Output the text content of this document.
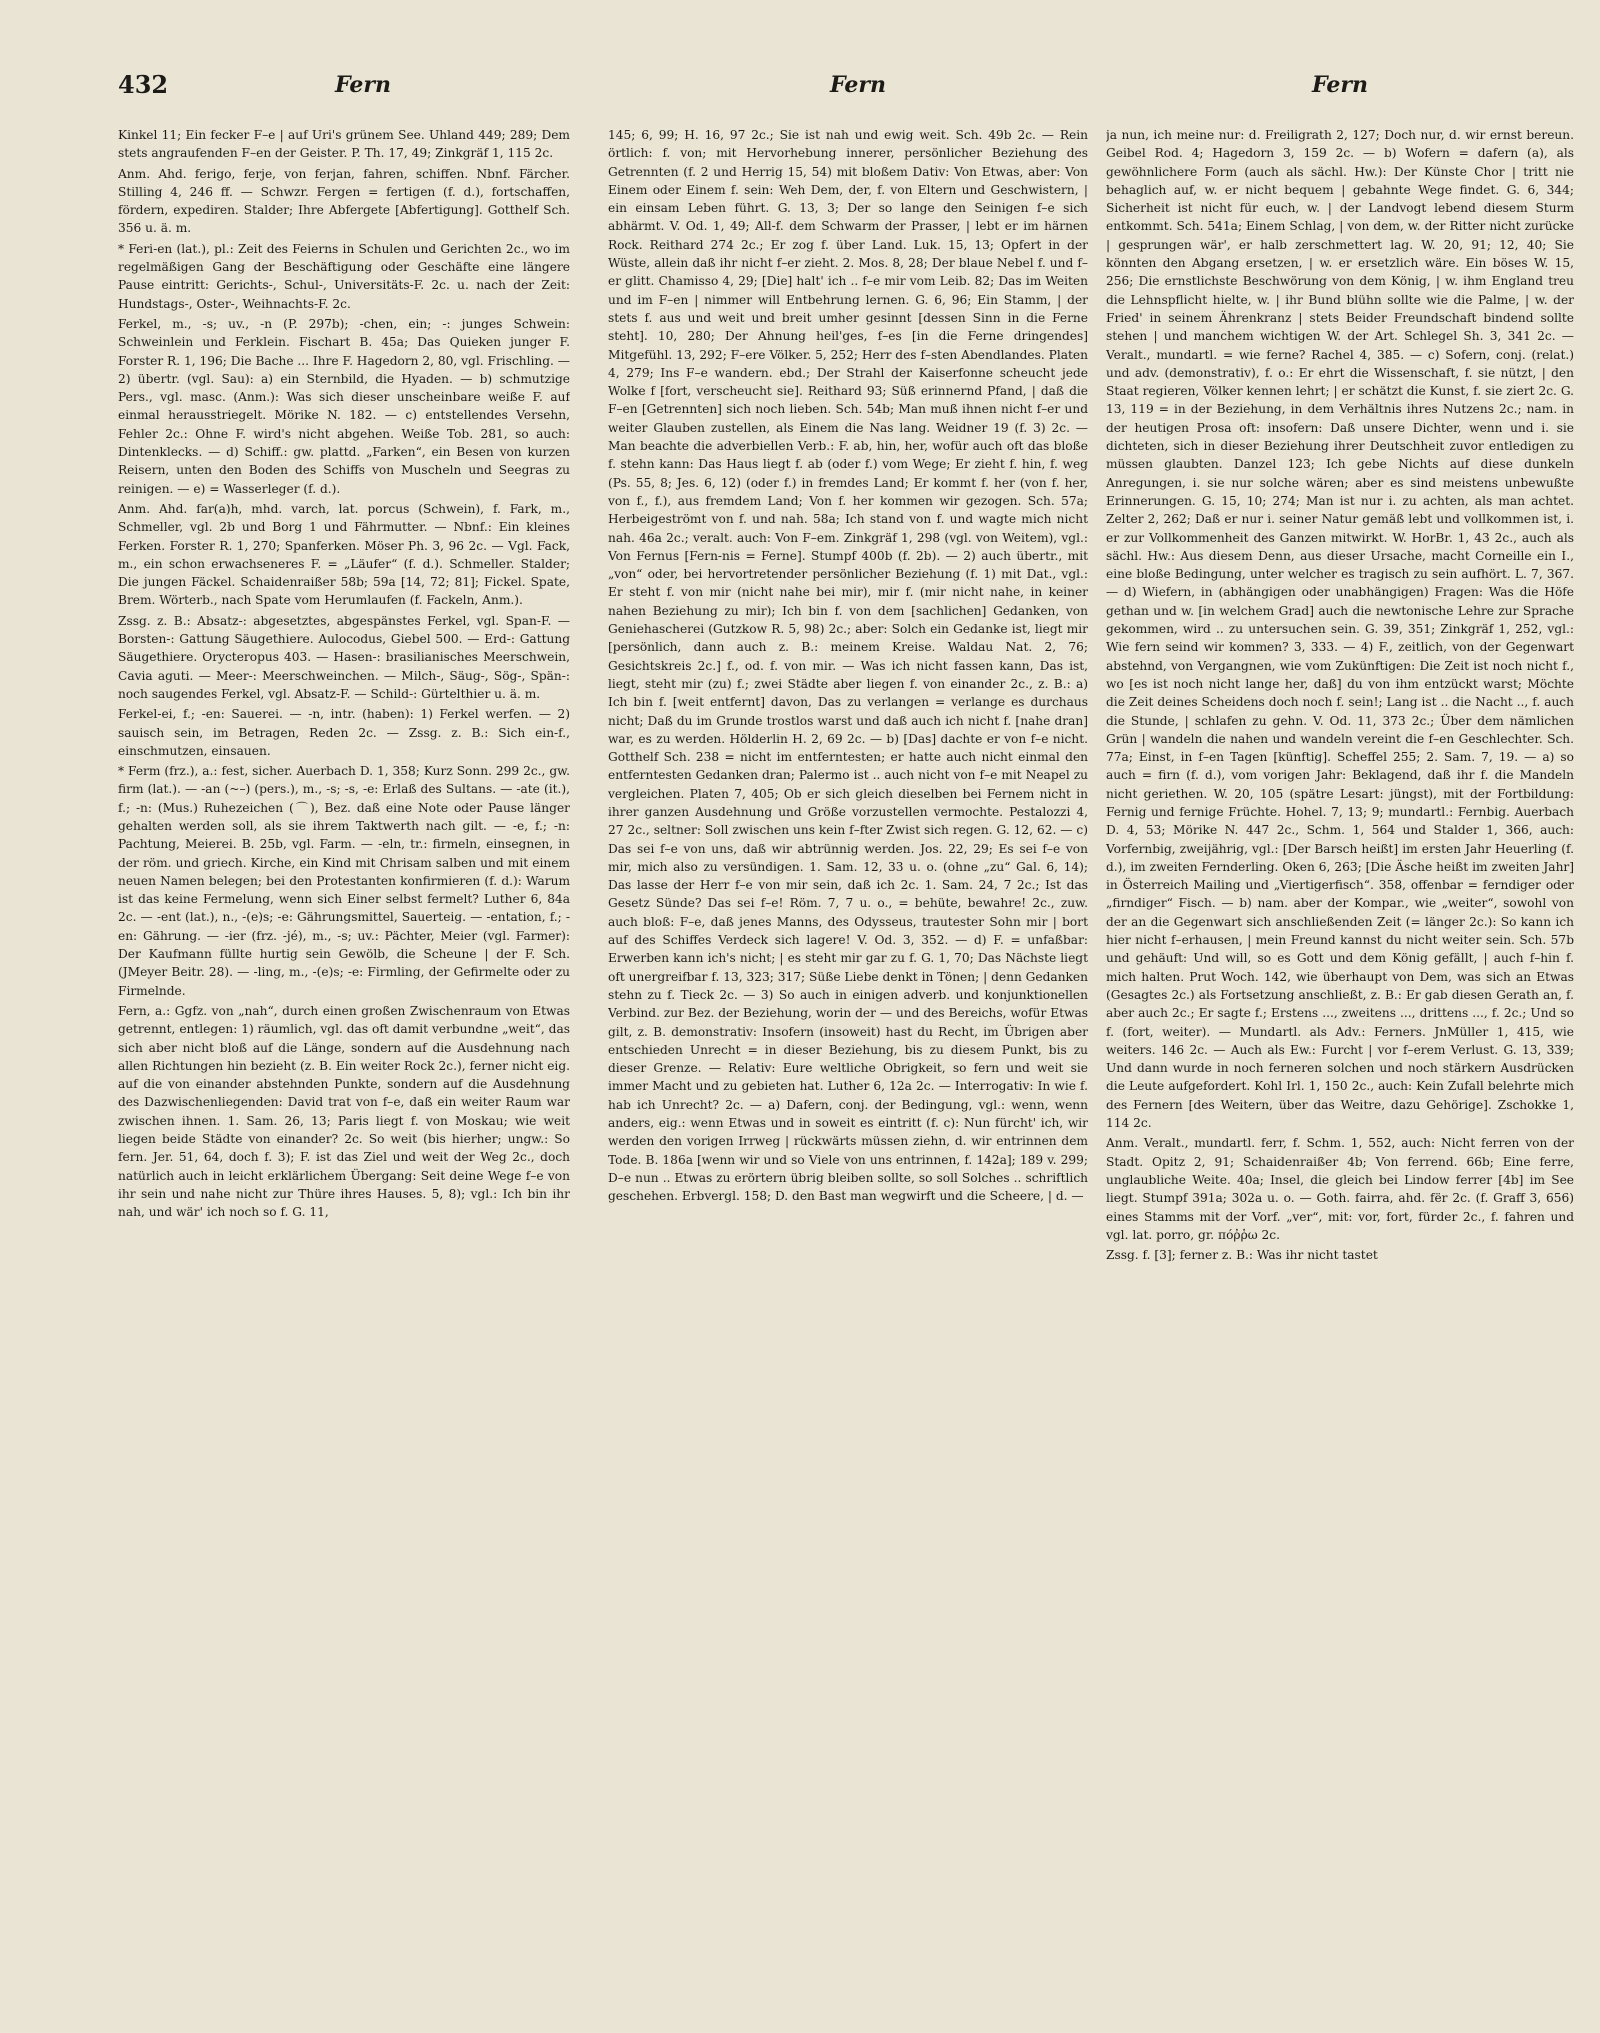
432	Fern	Fern	Fern

Kinkel 11; Ein fecker F–e | auf Uri's grünem See. Uhland 449; 289; Dem stets angraufenden F–en der Geister. P. Th. 17, 49; Zinkgräf 1, 115 2c.

Anm. Ahd. ferigo, ferje, von ferjan, fahren, schiffen. Nbnf. Färcher. Stilling 4, 246 ff. — Schwzr. Fergen = fertigen (f. d.), fortschaffen, fördern, expediren. Stalder; Ihre Abfergete [Abfertigung]. Gotthelf Sch. 356 u. ä. m.

* Feri-en (lat.), pl.: Zeit des Feierns in Schulen und Gerichten 2c., wo im regelmäßigen Gang der Beschäftigung oder Geschäfte eine längere Pause eintritt: Gerichts-, Schul-, Universitäts-F. 2c. u. nach der Zeit: Hundstags-, Oster-, Weihnachts-F. 2c.

Ferkel, m., -s; uv., -n (P. 297b); -chen, ein; -: junges Schwein: Schweinlein und Ferklein. Fischart B. 45a; Das Quieken junger F. Forster R. 1, 196; Die Bache ... Ihre F. Hagedorn 2, 80, vgl. Frischling. — 2) übertr. (vgl. Sau): a) ein Sternbild, die Hyaden. — b) schmutzige Pers., vgl. masc. (Anm.): Was sich dieser unscheinbare weiße F. auf einmal herausstriegelt. Mörike N. 182. — c) entstellendes Versehn, Fehler 2c.: Ohne F. wird's nicht abgehen. Weiße Tob. 281, so auch: Dintenklecks. — d) Schiff.: gw. plattd. „Farken“, ein Besen von kurzen Reisern, unten den Boden des Schiffs von Muscheln und Seegras zu reinigen. — e) = Wasserleger (f. d.).

Anm. Ahd. far(a)h, mhd. varch, lat. porcus (Schwein), f. Fark, m., Schmeller, vgl. 2b und Borg 1 und Fährmutter. — Nbnf.: Ein kleines Ferken. Forster R. 1, 270; Spanferken. Möser Ph. 3, 96 2c. — Vgl. Fack, m., ein schon erwachseneres F. = „Läufer“ (f. d.). Schmeller. Stalder; Die jungen Fäckel. Schaidenraißer 58b; 59a [14, 72; 81]; Fickel. Spate, Brem. Wörterb., nach Spate vom Herumlaufen (f. Fackeln, Anm.).

Zssg. z. B.: Absatz-: abgesetztes, abgespänstes Ferkel, vgl. Span-F. — Borsten-: Gattung Säugethiere. Aulocodus, Giebel 500. — Erd-: Gattung Säugethiere. Orycteropus 403. — Hasen-: brasilianisches Meerschwein, Cavia aguti. — Meer-: Meerschweinchen. — Milch-, Säug-, Sög-, Spän-: noch saugendes Ferkel, vgl. Absatz-F. — Schild-: Gürtelthier u. ä. m.

Ferkel-ei, f.; -en: Sauerei. — -n, intr. (haben): 1) Ferkel werfen. — 2) sauisch sein, im Betragen, Reden 2c. — Zssg. z. B.: Sich ein-f., einschmutzen, einsauen.

* Ferm (frz.), a.: fest, sicher. Auerbach D. 1, 358; Kurz Sonn. 299 2c., gw. firm (lat.). — -an (~–) (pers.), m., -s; -s, -e: Erlaß des Sultans. — -ate (it.), f.; -n: (Mus.) Ruhezeichen (⌒), Bez. daß eine Note oder Pause länger gehalten werden soll, als sie ihrem Taktwerth nach gilt. — -e, f.; -n: Pachtung, Meierei. B. 25b, vgl. Farm. — -eln, tr.: firmeln, einsegnen, in der röm. und griech. Kirche, ein Kind mit Chrisam salben und mit einem neuen Namen belegen; bei den Protestanten konfirmieren (f. d.): Warum ist das keine Fermelung, wenn sich Einer selbst fermelt? Luther 6, 84a 2c. — -ent (lat.), n., -(e)s; -e: Gährungsmittel, Sauerteig. — -entation, f.; -en: Gährung. — -ier (frz. -jé), m., -s; uv.: Pächter, Meier (vgl. Farmer): Der Kaufmann füllte hurtig sein Gewölb, die Scheune | der F. Sch. (JMeyer Beitr. 28). — -ling, m., -(e)s; -e: Firmling, der Gefirmelte oder zu Firmelnde.

Fern, a.: Ggfz. von „nah“, durch einen großen Zwischenraum von Etwas getrennt, entlegen: 1) räumlich, vgl. das oft damit verbundne „weit“, das sich aber nicht bloß auf die Länge, sondern auf die Ausdehnung nach allen Richtungen hin bezieht (z. B. Ein weiter Rock 2c.), ferner nicht eig. auf die von einander abstehnden Punkte, sondern auf die Ausdehnung des Dazwischenliegenden: David trat von f–e, daß ein weiter Raum war zwischen ihnen. 1. Sam. 26, 13; Paris liegt f. von Moskau; wie weit liegen beide Städte von einander? 2c. So weit (bis hierher; ungw.: So fern. Jer. 51, 64, doch f. 3); F. ist das Ziel und weit der Weg 2c., doch natürlich auch in leicht erklärlichem Übergang: Seit deine Wege f–e von ihr sein und nahe nicht zur Thüre ihres Hauses. 5, 8); vgl.: Ich bin ihr nah, und wär' ich noch so f. G. 11,

145; 6, 99; H. 16, 97 2c.; Sie ist nah und ewig weit. Sch. 49b 2c. — Rein örtlich: f. von; mit Hervorhebung innerer, persönlicher Beziehung des Getrennten (f. 2 und Herrig 15, 54) mit bloßem Dativ: Von Etwas, aber: Von Einem oder Einem f. sein: Weh Dem, der, f. von Eltern und Geschwistern, | ein einsam Leben führt. G. 13, 3; Der so lange den Seinigen f–e sich abhärmt. V. Od. 1, 49; All-f. dem Schwarm der Prasser, | lebt er im härnen Rock. Reithard 274 2c.; Er zog f. über Land. Luk. 15, 13; Opfert in der Wüste, allein daß ihr nicht f–er zieht. 2. Mos. 8, 28; Der blaue Nebel f. und f–er glitt. Chamisso 4, 29; [Die] halt' ich .. f–e mir vom Leib. 82; Das im Weiten und im F–en | nimmer will Entbehrung lernen. G. 6, 96; Ein Stamm, | der stets f. aus und weit und breit umher gesinnt [dessen Sinn in die Ferne steht]. 10, 280; Der Ahnung heil'ges, f–es [in die Ferne dringendes] Mitgefühl. 13, 292; F–ere Völker. 5, 252; Herr des f–sten Abendlandes. Platen 4, 279; Ins F–e wandern. ebd.; Der Strahl der Kaiserfonne scheucht jede Wolke f [fort, verscheucht sie]. Reithard 93; Süß erinnernd Pfand, | daß die F–en [Getrennten] sich noch lieben. Sch. 54b; Man muß ihnen nicht f–er und weiter Glauben zustellen, als Einem die Nas lang. Weidner 19 (f. 3) 2c. — Man beachte die adverbiellen Verb.: F. ab, hin, her, wofür auch oft das bloße f. stehn kann: Das Haus liegt f. ab (oder f.) vom Wege; Er zieht f. hin, f. weg (Ps. 55, 8; Jes. 6, 12) (oder f.) in fremdes Land; Er kommt f. her (von f. her, von f., f.), aus fremdem Land; Von f. her kommen wir gezogen. Sch. 57a; Herbeigeströmt von f. und nah. 58a; Ich stand von f. und wagte mich nicht nah. 46a 2c.; veralt. auch: Von F–em. Zinkgräf 1, 298 (vgl. von Weitem), vgl.: Von Fernus [Fern-nis = Ferne]. Stumpf 400b (f. 2b). — 2) auch übertr., mit „von“ oder, bei hervortretender persönlicher Beziehung (f. 1) mit Dat., vgl.: Er steht f. von mir (nicht nahe bei mir), mir f. (mir nicht nahe, in keiner nahen Beziehung zu mir); Ich bin f. von dem [sachlichen] Gedanken, von Geniehascherei (Gutzkow R. 5, 98) 2c.; aber: Solch ein Gedanke ist, liegt mir [persönlich, dann auch z. B.: meinem Kreise. Waldau Nat. 2, 76; Gesichtskreis 2c.] f., od. f. von mir. — Was ich nicht fassen kann, Das ist, liegt, steht mir (zu) f.; zwei Städte aber liegen f. von einander 2c., z. B.: a) Ich bin f. [weit entfernt] davon, Das zu verlangen = verlange es durchaus nicht; Daß du im Grunde trostlos warst und daß auch ich nicht f. [nahe dran] war, es zu werden. Hölderlin H. 2, 69 2c. — b) [Das] dachte er von f–e nicht. Gotthelf Sch. 238 = nicht im entferntesten; er hatte auch nicht einmal den entferntesten Gedanken dran; Palermo ist .. auch nicht von f–e mit Neapel zu vergleichen. Platen 7, 405; Ob er sich gleich dieselben bei Fernem nicht in ihrer ganzen Ausdehnung und Größe vorzustellen vermochte. Pestalozzi 4, 27 2c., seltner: Soll zwischen uns kein f–fter Zwist sich regen. G. 12, 62. — c) Das sei f–e von uns, daß wir abtrünnig werden. Jos. 22, 29; Es sei f–e von mir, mich also zu versündigen. 1. Sam. 12, 33 u. o. (ohne „zu“ Gal. 6, 14); Das lasse der Herr f–e von mir sein, daß ich 2c. 1. Sam. 24, 7 2c.; Ist das Gesetz Sünde? Das sei f–e! Röm. 7, 7 u. o., = behüte, bewahre! 2c., zuw. auch bloß: F–e, daß jenes Manns, des Odysseus, trautester Sohn mir | bort auf des Schiffes Verdeck sich lagere! V. Od. 3, 352. — d) F. = unfaßbar: Erwerben kann ich's nicht; | es steht mir gar zu f. G. 1, 70; Das Nächste liegt oft unergreifbar f. 13, 323; 317; Süße Liebe denkt in Tönen; | denn Gedanken stehn zu f. Tieck 2c. — 3) So auch in einigen adverb. und konjunktionellen Verbind. zur Bez. der Beziehung, worin der — und des Bereichs, wofür Etwas gilt, z. B. demonstrativ: Insofern (insoweit) hast du Recht, im Übrigen aber entschieden Unrecht = in dieser Beziehung, bis zu diesem Punkt, bis zu dieser Grenze. — Relativ: Eure weltliche Obrigkeit, so fern und weit sie immer Macht und zu gebieten hat. Luther 6, 12a 2c. — Interrogativ: In wie f. hab ich Unrecht? 2c. — a) Dafern, conj. der Bedingung, vgl.: wenn, wenn anders, eig.: wenn Etwas und in soweit es eintritt (f. c): Nun fürcht' ich, wir werden den vorigen Irrweg | rückwärts müssen ziehn, d. wir entrinnen dem Tode. B. 186a [wenn wir und so Viele von uns entrinnen, f. 142a]; 189 v. 299; D–e nun .. Etwas zu erörtern übrig bleiben sollte, so soll Solches .. schriftlich geschehen. Erbvergl. 158; D. den Bast man wegwirft und die Scheere, | d. —

ja nun, ich meine nur: d. Freiligrath 2, 127; Doch nur, d. wir ernst bereun. Geibel Rod. 4; Hagedorn 3, 159 2c. — b) Wofern = dafern (a), als gewöhnlichere Form (auch als sächl. Hw.): Der Künste Chor | tritt nie behaglich auf, w. er nicht bequem | gebahnte Wege findet. G. 6, 344; Sicherheit ist nicht für euch, w. | der Landvogt lebend diesem Sturm entkommt. Sch. 541a; Einem Schlag, | von dem, w. der Ritter nicht zurücke | gesprungen wär', er halb zerschmettert lag. W. 20, 91; 12, 40; Sie könnten den Abgang ersetzen, | w. er ersetzlich wäre. Ein böses W. 15, 256; Die ernstlichste Beschwörung von dem König, | w. ihm England treu die Lehnspflicht hielte, w. | ihr Bund blühn sollte wie die Palme, | w. der Fried' in seinem Ährenkranz | stets Beider Freundschaft bindend sollte stehen | und manchem wichtigen W. der Art. Schlegel Sh. 3, 341 2c. — Veralt., mundartl. = wie ferne? Rachel 4, 385. — c) Sofern, conj. (relat.) und adv. (demonstrativ), f. o.: Er ehrt die Wissenschaft, f. sie nützt, | den Staat regieren, Völker kennen lehrt; | er schätzt die Kunst, f. sie ziert 2c. G. 13, 119 = in der Beziehung, in dem Verhältnis ihres Nutzens 2c.; nam. in der heutigen Prosa oft: insofern: Daß unsere Dichter, wenn und i. sie dichteten, sich in dieser Beziehung ihrer Deutschheit zuvor entledigen zu müssen glaubten. Danzel 123; Ich gebe Nichts auf diese dunkeln Anregungen, i. sie nur solche wären; aber es sind meistens unbewußte Erinnerungen. G. 15, 10; 274; Man ist nur i. zu achten, als man achtet. Zelter 2, 262; Daß er nur i. seiner Natur gemäß lebt und vollkommen ist, i. er zur Vollkommenheit des Ganzen mitwirkt. W. HorBr. 1, 43 2c., auch als sächl. Hw.: Aus diesem Denn, aus dieser Ursache, macht Corneille ein I., eine bloße Bedingung, unter welcher es tragisch zu sein aufhört. L. 7, 367. — d) Wiefern, in (abhängigen oder unabhängigen) Fragen: Was die Höfe gethan und w. [in welchem Grad] auch die newtonische Lehre zur Sprache gekommen, wird .. zu untersuchen sein. G. 39, 351; Zinkgräf 1, 252, vgl.: Wie fern seind wir kommen? 3, 333. — 4) F., zeitlich, von der Gegenwart abstehnd, von Vergangnen, wie vom Zukünftigen: Die Zeit ist noch nicht f., wo [es ist noch nicht lange her, daß] du von ihm entzückt warst; Möchte die Zeit deines Scheidens doch noch f. sein!; Lang ist .. die Nacht .., f. auch die Stunde, | schlafen zu gehn. V. Od. 11, 373 2c.; Über dem nämlichen Grün | wandeln die nahen und wandeln vereint die f–en Geschlechter. Sch. 77a; Einst, in f–en Tagen [künftig]. Scheffel 255; 2. Sam. 7, 19. — a) so auch = firn (f. d.), vom vorigen Jahr: Beklagend, daß ihr f. die Mandeln nicht geriethen. W. 20, 105 (spätre Lesart: jüngst), mit der Fortbildung: Fernig und fernige Früchte. Hohel. 7, 13; 9; mundartl.: Fernbig. Auerbach D. 4, 53; Mörike N. 447 2c., Schm. 1, 564 und Stalder 1, 366, auch: Vorfernbig, zweijährig, vgl.: [Der Barsch heißt] im ersten Jahr Heuerling (f. d.), im zweiten Fernderling. Oken 6, 263; [Die Äsche heißt im zweiten Jahr] in Österreich Mailing und „Viertigerfisch“. 358, offenbar = ferndiger oder „firndiger“ Fisch. — b) nam. aber der Kompar., wie „weiter“, sowohl von der an die Gegenwart sich anschließenden Zeit (= länger 2c.): So kann ich hier nicht f–erhausen, | mein Freund kannst du nicht weiter sein. Sch. 57b und gehäuft: Und will, so es Gott und dem König gefällt, | auch f–hin f. mich halten. Prut Woch. 142, wie überhaupt von Dem, was sich an Etwas (Gesagtes 2c.) als Fortsetzung anschließt, z. B.: Er gab diesen Gerath an, f. aber auch 2c.; Er sagte f.; Erstens ..., zweitens ..., drittens ..., f. 2c.; Und so f. (fort, weiter). — Mundartl. als Adv.: Ferners. JnMüller 1, 415, wie weiters. 146 2c. — Auch als Ew.: Furcht | vor f–erem Verlust. G. 13, 339; Und dann wurde in noch ferneren solchen und noch stärkern Ausdrücken die Leute aufgefordert. Kohl Irl. 1, 150 2c., auch: Kein Zufall belehrte mich des Fernern [des Weitern, über das Weitre, dazu Gehörige]. Zschokke 1, 114 2c.

Anm. Veralt., mundartl. ferr, f. Schm. 1, 552, auch: Nicht ferren von der Stadt. Opitz 2, 91; Schaidenraißer 4b; Von ferrend. 66b; Eine ferre, unglaubliche Weite. 40a; Insel, die gleich bei Lindow ferrer [4b] im See liegt. Stumpf 391a; 302a u. o. — Goth. fairra, ahd. fër 2c. (f. Graff 3, 656) eines Stamms mit der Vorf. „ver“, mit: vor, fort, fürder 2c., f. fahren und vgl. lat. porro, gr. πόῤῥω 2c.

Zssg. f. [3]; ferner z. B.: Was ihr nicht tastet
